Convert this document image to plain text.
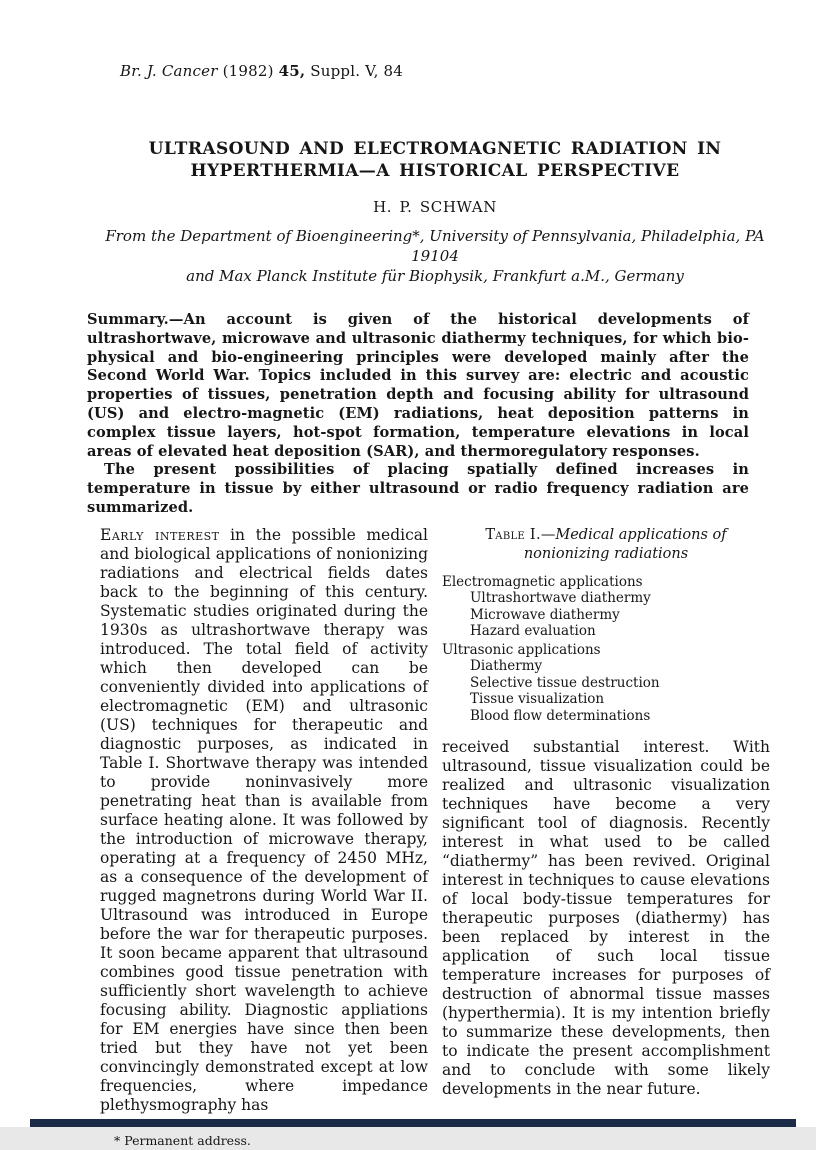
Br. J. Cancer (1982) 45, Suppl. V, 84
ULTRASOUND AND ELECTROMAGNETIC RADIATION IN
HYPERTHERMIA—A HISTORICAL PERSPECTIVE
H. P. SCHWAN
From the Department of Bioengineering*, University of Pennsylvania, Philadelphia, PA 19104
and Max Planck Institute für Biophysik, Frankfurt a.M., Germany

Summary.—An account is given of the historical developments of ultrashortwave, microwave and ultrasonic diathermy techniques, for which bio-physical and bio-engineering principles were developed mainly after the Second World War. Topics included in this survey are: electric and acoustic properties of tissues, penetration depth and focusing ability for ultrasound (US) and electro-magnetic (EM) radiations, heat deposition patterns in complex tissue layers, hot-spot formation, temperature elevations in local areas of elevated heat deposition (SAR), and thermoregulatory responses.

The present possibilities of placing spatially defined increases in temperature in tissue by either ultrasound or radio frequency radiation are summarized.

Early interest in the possible medical and biological applications of nonionizing radiations and electrical fields dates back to the beginning of this century. Systematic studies originated during the 1930s as ultrashortwave therapy was introduced. The total field of activity which then developed can be conveniently divided into applications of electromagnetic (EM) and ultrasonic (US) techniques for therapeutic and diagnostic purposes, as indicated in Table I. Shortwave therapy was intended to provide noninvasively more penetrating heat than is available from surface heating alone. It was followed by the introduction of microwave therapy, operating at a frequency of 2450 MHz, as a consequence of the development of rugged magnetrons during World War II. Ultrasound was introduced in Europe before the war for therapeutic purposes. It soon became apparent that ultrasound combines good tissue penetration with sufficiently short wavelength to achieve focusing ability. Diagnostic appliations for EM energies have since then been tried but they have not yet been convincingly demonstrated except at low frequencies, where impedance plethysmography has

* Permanent address.
Table I.—Medical applications of nonionizing radiations

Electromagnetic applications

Ultrashortwave diathermy

Microwave diathermy

Hazard evaluation

Ultrasonic applications

Diathermy

Selective tissue destruction

Tissue visualization

Blood flow determinations

received substantial interest. With ultrasound, tissue visualization could be realized and ultrasonic visualization techniques have become a very significant tool of diagnosis. Recently interest in what used to be called “diathermy” has been revived. Original interest in techniques to cause elevations of local body-tissue temperatures for therapeutic purposes (diathermy) has been replaced by interest in the application of such local tissue temperature increases for purposes of destruction of abnormal tissue masses (hyperthermia). It is my intention briefly to summarize these developments, then to indicate the present accomplishment and to conclude with some likely developments in the near future.
